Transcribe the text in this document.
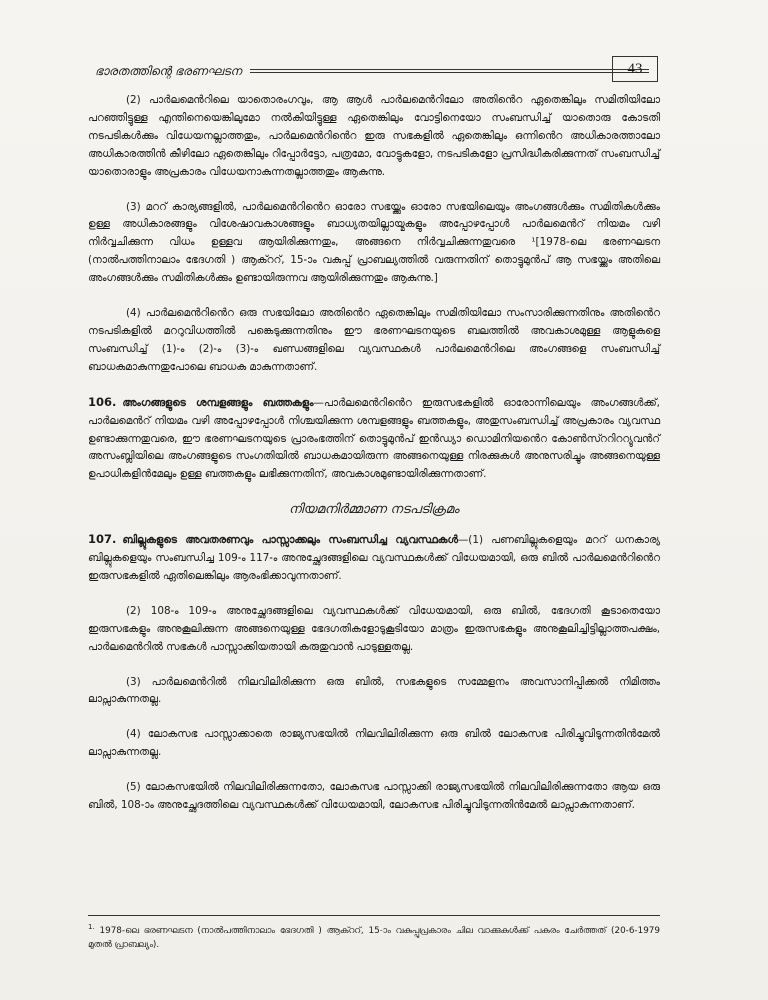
ഭാരതത്തിന്റെ ഭരണഘടന	43

(2) പാർലമെൻറിലെ യാതൊരംഗവും, ആ ആൾ പാർലമെൻറിലോ അതിൻെറ ഏതെങ്കിലും സമിതിയിലോ പറഞ്ഞിട്ടുള്ള എന്തിനെയെങ്കിലുമോ നൽകിയിട്ടുള്ള ഏതെങ്കിലും വോട്ടിനെയോ സംബന്ധിച്ച് യാതൊരു കോടതി നടപടികൾക്കും വിധേയനല്ലാത്തതും, പാർലമെൻറിൻെറ ഇരു സഭകളിൽ ഏതെങ്കിലും ഒന്നിൻെറ അധികാരത്താലോ അധികാരത്തിൻ കീഴിലോ ഏതെങ്കിലും റിപ്പോർട്ടോ, പത്രമോ, വോട്ടുകളോ, നടപടികളോ പ്രസിദ്ധീകരിക്കുന്നത് സംബന്ധിച്ച് യാതൊരാളും അപ്രകാരം വിധേയനാകുന്നതല്ലാത്തതും ആകുന്നു.

(3) മററ് കാര്യങ്ങളിൽ, പാർലമെൻറിൻെറ ഓരോ സഭയ്ക്കും ഓരോ സഭയിലെയും അംഗങ്ങൾക്കും സമിതികൾക്കും ഉള്ള അധികാരങ്ങളും വിശേഷാവകാശങ്ങളും ബാധ്യതയില്ലായ്മകളും അപ്പോഴപ്പോൾ പാർലമെൻറ് നിയമം വഴി നിർവ്വചിക്കുന്ന വിധം ഉള്ളവ ആയിരിക്കുന്നതും, അങ്ങനെ നിർവ്വചിക്കുന്നതുവരെ ¹[1978-ലെ ഭരണഘടന (നാൽപത്തിനാലാം ഭേദഗതി ) ആക്ററ്, 15-ാം വകുപ്പ് പ്രാബല്യത്തിൽ വരുന്നതിന് തൊട്ടുമുൻപ് ആ സഭയ്ക്കും അതിലെ അംഗങ്ങൾക്കും സമിതികൾക്കും ഉണ്ടായിരുന്നവ ആയിരിക്കുന്നതും ആകുന്നു.]

(4) പാർലമെൻറിൻെറ ഒരു സഭയിലോ അതിൻെറ ഏതെങ്കിലും സമിതിയിലോ സംസാരിക്കുന്നതിനും അതിൻെറ നടപടികളിൽ മററുവിധത്തിൽ പങ്കെടുക്കുന്നതിനും ഈ ഭരണഘടനയുടെ ബലത്തിൽ അവകാശമുള്ള ആളുകളെ സംബന്ധിച്ച് (1)-ം (2)-ം (3)-ം ഖണ്ഡങ്ങളിലെ വ്യവസ്ഥകൾ പാർലമെൻറിലെ അംഗങ്ങളെ സംബന്ധിച്ച് ബാധകമാകുന്നതുപോലെ ബാധക മാകുന്നതാണ്.

106. അംഗങ്ങളുടെ ശമ്പളങ്ങളും ബത്തകളും—പാർലമെൻറിൻെറ ഇരുസഭകളിൽ ഓരോന്നിലെയും അംഗങ്ങൾക്ക്, പാർലമെൻറ് നിയമം വഴി അപ്പോഴപ്പോൾ നിശ്ചയിക്കുന്ന ശമ്പളങ്ങളും ബത്തകളും, അതുസംബന്ധിച്ച് അപ്രകാരം വ്യവസ്ഥ ഉണ്ടാക്കുന്നതുവരെ, ഈ ഭരണഘടനയുടെ പ്രാരംഭത്തിന് തൊട്ടുമുൻപ് ഇൻഡ്യാ ഡൊമിനിയൻെറ കോൺസ്ററിററ്യുവൻറ് അസംബ്ലിയിലെ അംഗങ്ങളുടെ സംഗതിയിൽ ബാധകമായിരുന്ന അങ്ങനെയുള്ള നിരക്കുകൾ അനുസരിച്ചും അങ്ങനെയുള്ള ഉപാധികളിൻമേലും ഉള്ള ബത്തകളും ലഭിക്കുന്നതിന്, അവകാശമുണ്ടായിരിക്കുന്നതാണ്.

നിയമനിർമ്മാണ നടപടിക്രമം

107. ബില്ലുകളുടെ അവതരണവും പാസ്സാക്കലും സംബന്ധിച്ച വ്യവസ്ഥകൾ—(1) പണബില്ലുകളെയും മററ് ധനകാര്യ ബില്ലുകളെയും സംബന്ധിച്ച 109-ം 117-ം അനുച്ഛേദങ്ങളിലെ വ്യവസ്ഥകൾക്ക് വിധേയമായി, ഒരു ബിൽ പാർലമെൻറിൻെറ ഇരുസഭകളിൽ ഏതിലെങ്കിലും ആരംഭിക്കാവുന്നതാണ്.

(2) 108-ം 109-ം അനുച്ഛേദങ്ങളിലെ വ്യവസ്ഥകൾക്ക് വിധേയമായി, ഒരു ബിൽ, ഭേദഗതി കൂടാതെയോ ഇരുസഭകളും അനുകൂലിക്കുന്ന അങ്ങനെയുള്ള ഭേദഗതികളോടുകൂടിയോ മാത്രം ഇരുസഭകളും അനുകൂലിച്ചിട്ടില്ലാത്തപക്ഷം, പാർലമെൻറിൽ സഭകൾ പാസ്സാക്കിയതായി കരുതുവാൻ പാടുള്ളതല്ല.

(3) പാർലമെൻറിൽ നിലവിലിരിക്കുന്ന ഒരു ബിൽ, സഭകളുടെ സമ്മേളനം അവസാനിപ്പിക്കൽ നിമിത്തം ലാപ്സാകുന്നതല്ല.

(4) ലോകസഭ പാസ്സാക്കാതെ രാജ്യസഭയിൽ നിലവിലിരിക്കുന്ന ഒരു ബിൽ ലോകസഭ പിരിച്ചുവിടുന്നതിൻമേൽ ലാപ്സാകുന്നതല്ല.

(5) ലോകസഭയിൽ നിലവിലിരിക്കുന്നതോ, ലോകസഭ പാസ്സാക്കി രാജ്യസഭയിൽ നിലവിലിരിക്കുന്നതോ ആയ ഒരു ബിൽ, 108-ാം അനുച്ഛേദത്തിലെ വ്യവസ്ഥകൾക്ക് വിധേയമായി, ലോകസഭ പിരിച്ചുവിടുന്നതിൻമേൽ ലാപ്സാകുന്നതാണ്.

$^{1.}$ 1978-ലെ ഭരണഘടന (നാൽപത്തിനാലാം ഭേദഗതി ) ആക്ററ്, 15-ാം വകുപ്പുപ്രകാരം ചില വാക്കുകൾക്ക് പകരം ചേർത്തത് (20-6-1979 മുതൽ പ്രാബല്യം).
